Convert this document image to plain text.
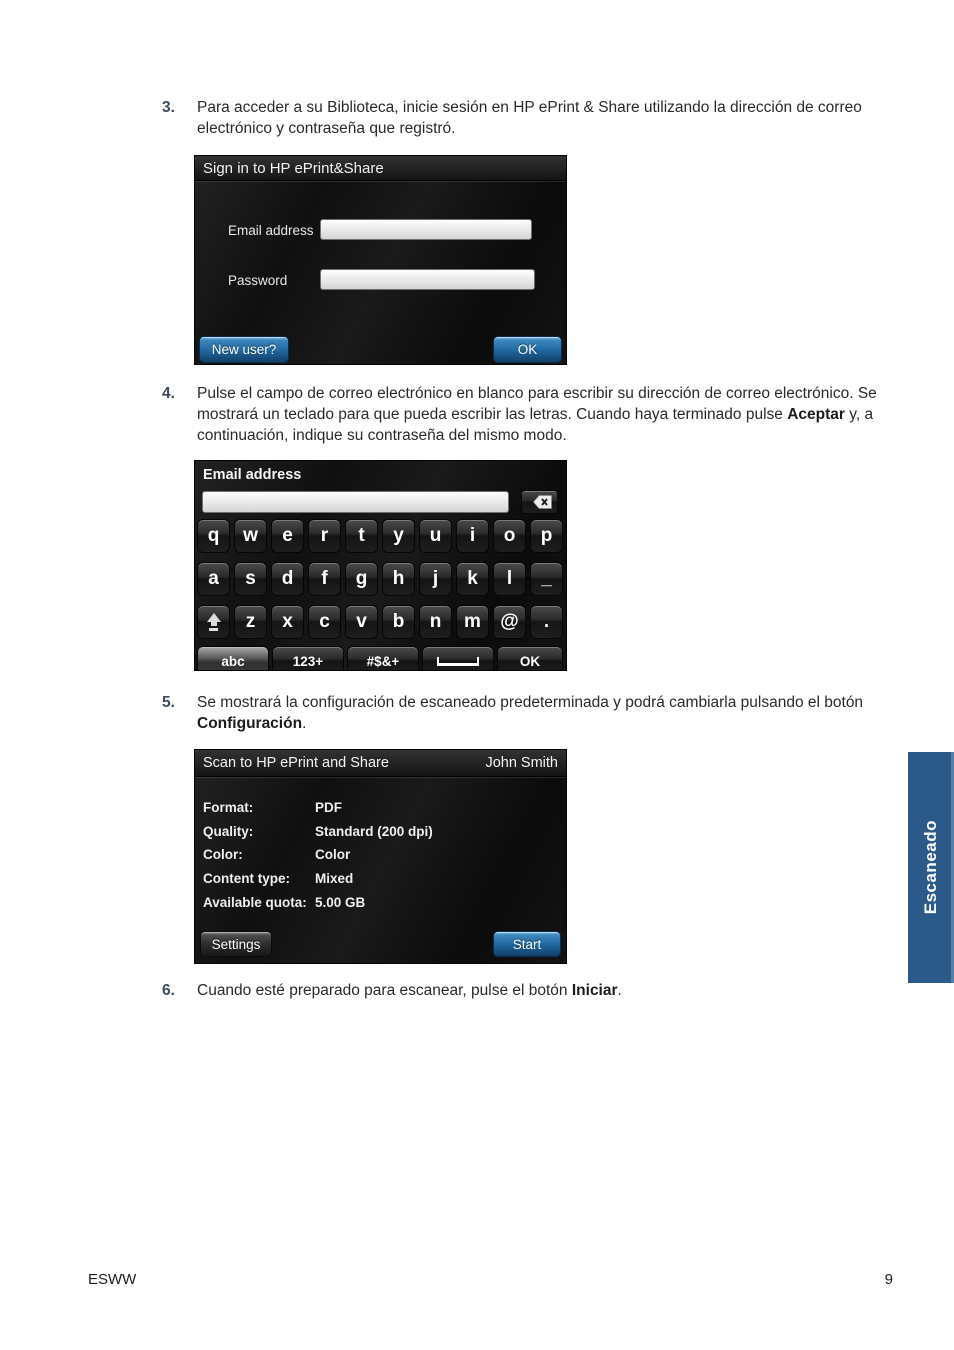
3. Para acceder a su Biblioteca, inicie sesión en HP ePrint & Share utilizando la dirección de correo electrónico y contraseña que registró.

Sign in to HP ePrint&Share
Email address
Password
New user?	OK
4. Pulse el campo de correo electrónico en blanco para escribir su dirección de correo electrónico. Se mostrará un teclado para que pueda escribir las letras. Cuando haya terminado pulse Aceptar y, a continuación, indique su contraseña del mismo modo.

Email address
q	w	e	r	t	y	u	i	o	p
a	s	d	f	g	h	j	k	l	_
z	x	c	v	b	n	m	@	.
abc	123+	#$&+	OK
5. Se mostrará la configuración de escaneado predeterminada y podrá cambiarla pulsando el botón Configuración.

Scan to HP ePrint and Share	John Smith
Format:	PDF
Quality:	Standard (200 dpi)
Color:	Color
Content type:	Mixed
Available quota: 5.00 GB
Settings	Start
6. Cuando esté preparado para escanear, pulse el botón Iniciar.

Escaneado
ESWW	9
